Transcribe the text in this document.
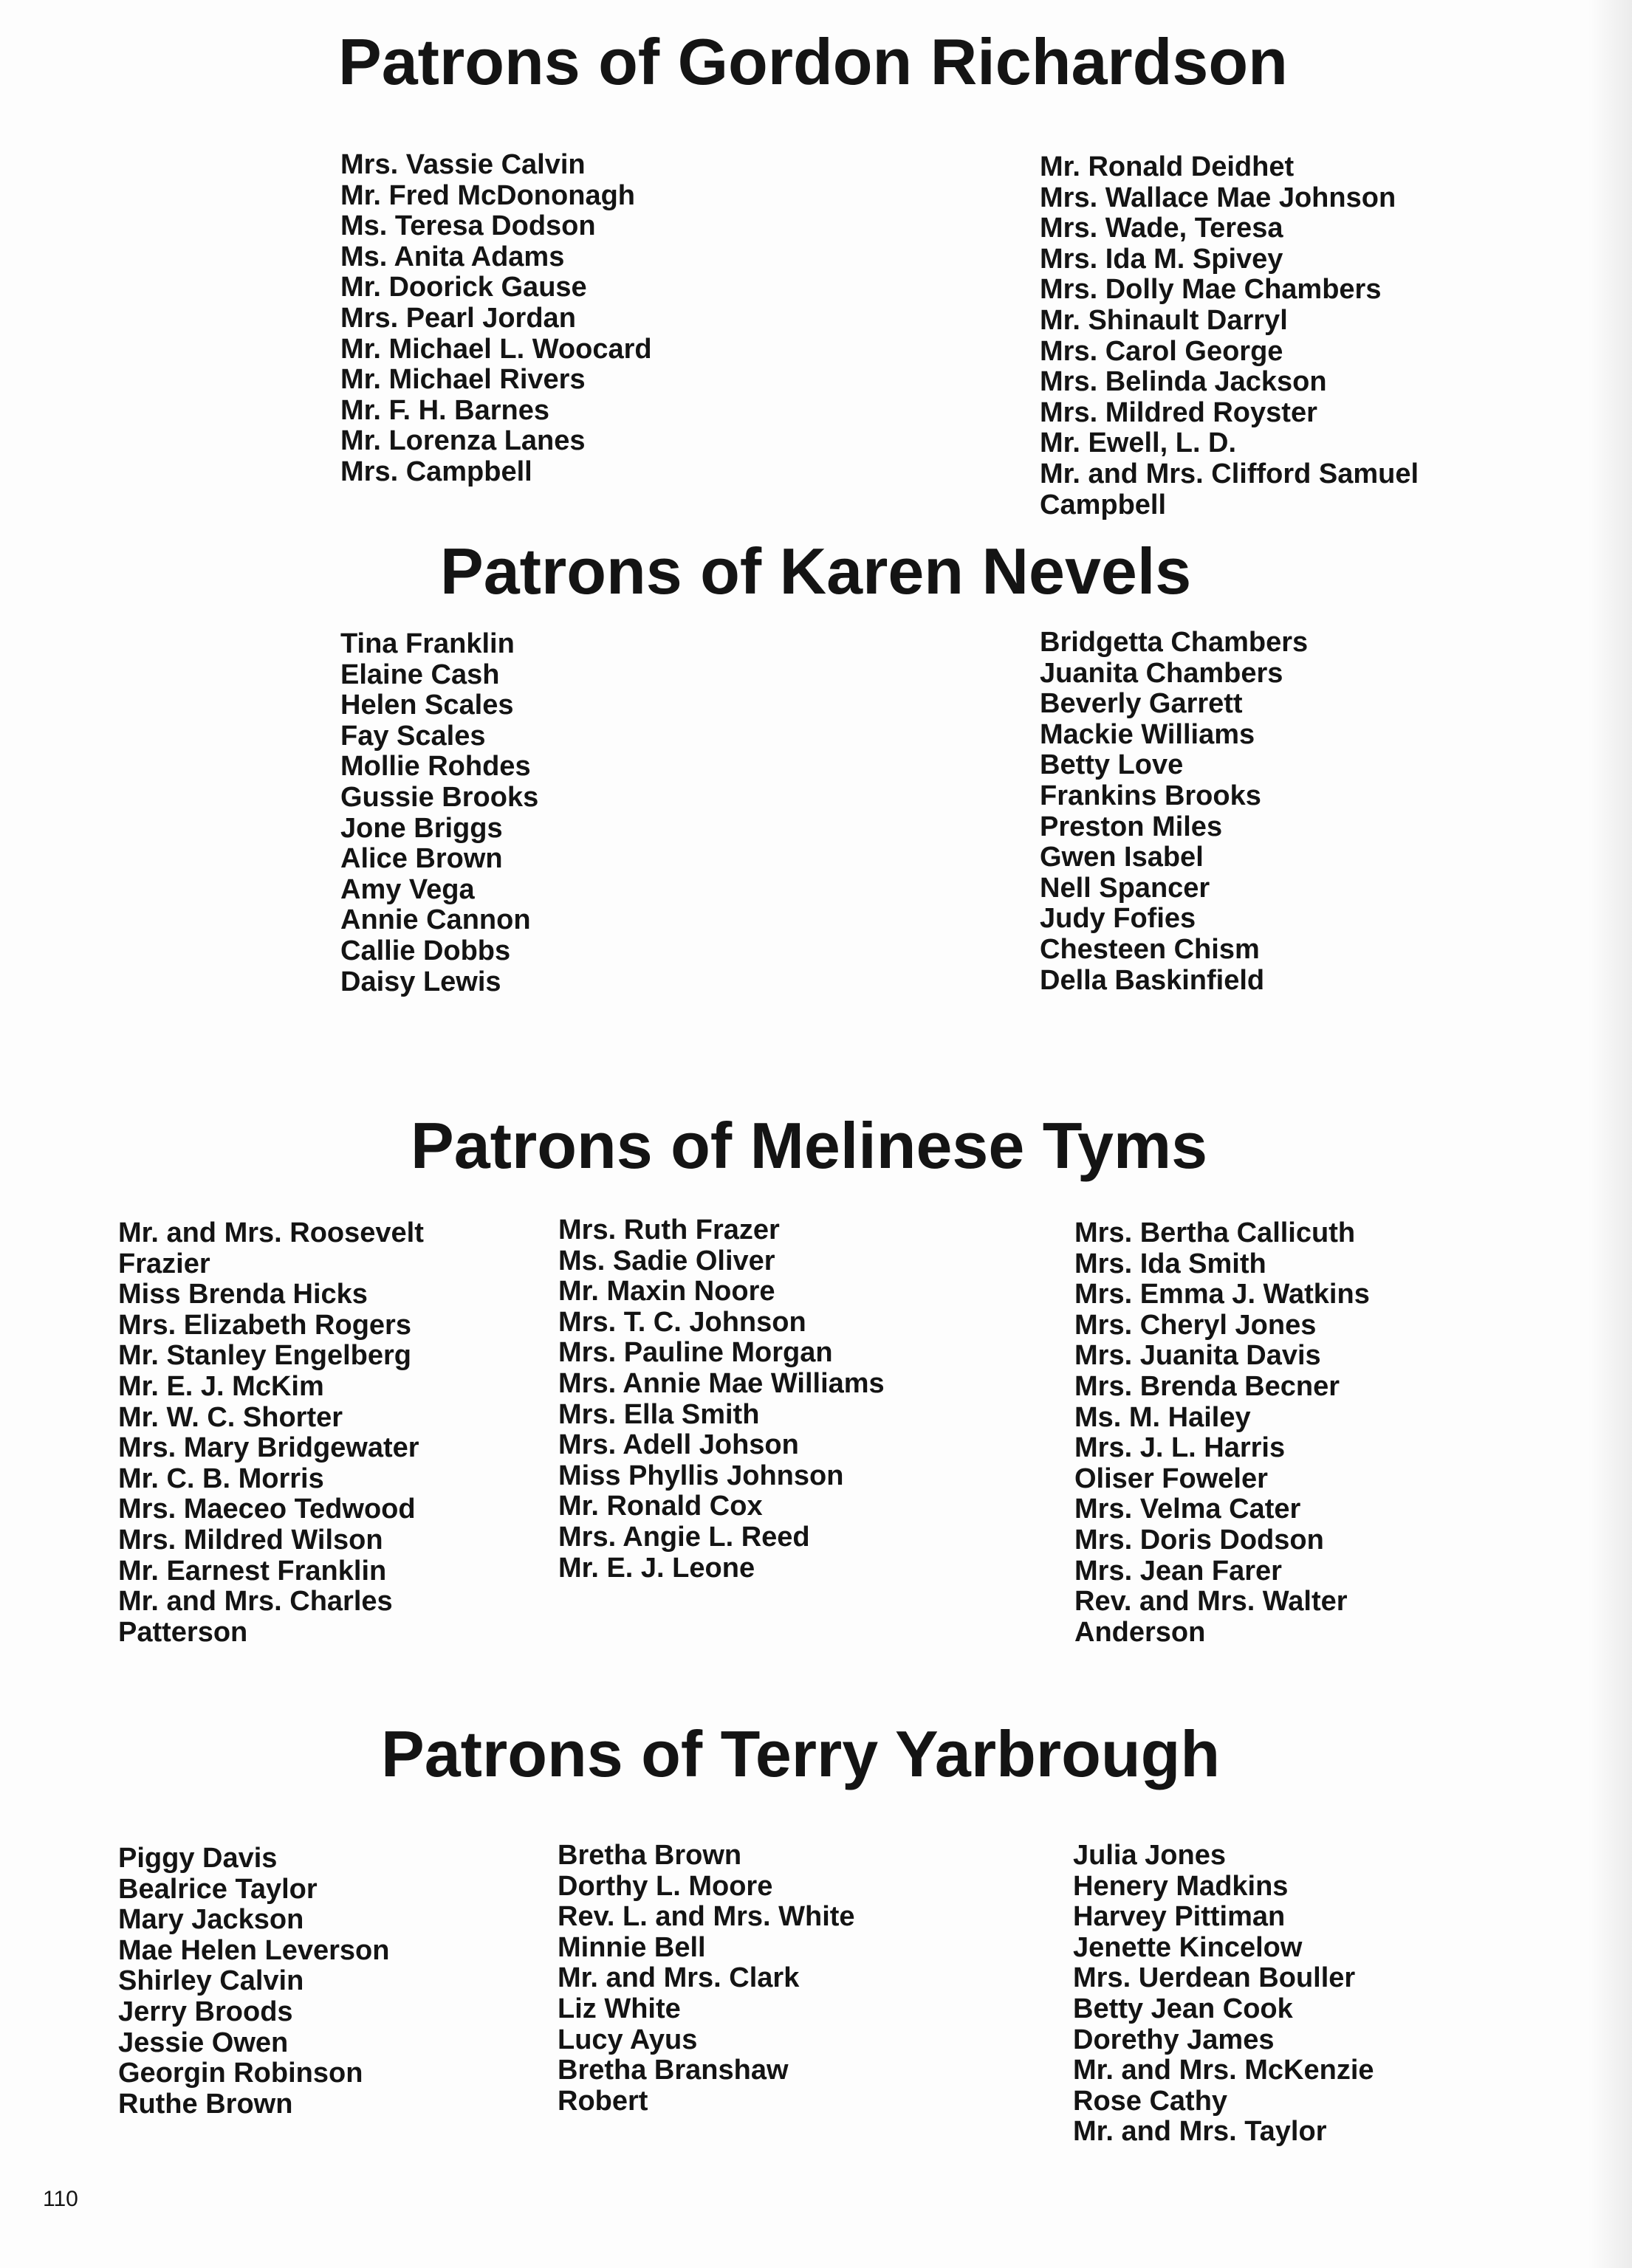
Patrons of Gordon Richardson
Mrs. Vassie Calvin
Mr. Fred McDononagh
Ms. Teresa Dodson
Ms. Anita Adams
Mr. Doorick Gause
Mrs. Pearl Jordan
Mr. Michael L. Woocard
Mr. Michael Rivers
Mr. F. H. Barnes
Mr. Lorenza Lanes
Mrs. Campbell
Mr. Ronald Deidhet
Mrs. Wallace Mae Johnson
Mrs. Wade, Teresa
Mrs. Ida M. Spivey
Mrs. Dolly Mae Chambers
Mr. Shinault Darryl
Mrs. Carol George
Mrs. Belinda Jackson
Mrs. Mildred Royster
Mr. Ewell, L. D.
Mr. and Mrs. Clifford Samuel
Campbell
Patrons of Karen Nevels
Tina Franklin
Elaine Cash
Helen Scales
Fay Scales
Mollie Rohdes
Gussie Brooks
Jone Briggs
Alice Brown
Amy Vega
Annie Cannon
Callie Dobbs
Daisy Lewis
Bridgetta Chambers
Juanita Chambers
Beverly Garrett
Mackie Williams
Betty Love
Frankins Brooks
Preston Miles
Gwen Isabel
Nell Spancer
Judy Fofies
Chesteen Chism
Della Baskinfield
Patrons of Melinese Tyms
Mr. and Mrs. Roosevelt
Frazier
Miss Brenda Hicks
Mrs. Elizabeth Rogers
Mr. Stanley Engelberg
Mr. E. J. McKim
Mr. W. C. Shorter
Mrs. Mary Bridgewater
Mr. C. B. Morris
Mrs. Maeceo Tedwood
Mrs. Mildred Wilson
Mr. Earnest Franklin
Mr. and Mrs. Charles
Patterson
Mrs. Ruth Frazer
Ms. Sadie Oliver
Mr. Maxin Noore
Mrs. T. C. Johnson
Mrs. Pauline Morgan
Mrs. Annie Mae Williams
Mrs. Ella Smith
Mrs. Adell Johson
Miss Phyllis Johnson
Mr. Ronald Cox
Mrs. Angie L. Reed
Mr. E. J. Leone
Mrs. Bertha Callicuth
Mrs. Ida Smith
Mrs. Emma J. Watkins
Mrs. Cheryl Jones
Mrs. Juanita Davis
Mrs. Brenda Becner
Ms. M. Hailey
Mrs. J. L. Harris
Oliser Foweler
Mrs. Velma Cater
Mrs. Doris Dodson
Mrs. Jean Farer
Rev. and Mrs. Walter
Anderson
Patrons of Terry Yarbrough
Piggy Davis
Bealrice Taylor
Mary Jackson
Mae Helen Leverson
Shirley Calvin
Jerry Broods
Jessie Owen
Georgin Robinson
Ruthe Brown
Bretha Brown
Dorthy L. Moore
Rev. L. and Mrs. White
Minnie Bell
Mr. and Mrs. Clark
Liz White
Lucy Ayus
Bretha Branshaw
Robert
Julia Jones
Henery Madkins
Harvey Pittiman
Jenette Kincelow
Mrs. Uerdean Bouller
Betty Jean Cook
Dorethy James
Mr. and Mrs. McKenzie
Rose Cathy
Mr. and Mrs. Taylor
110
